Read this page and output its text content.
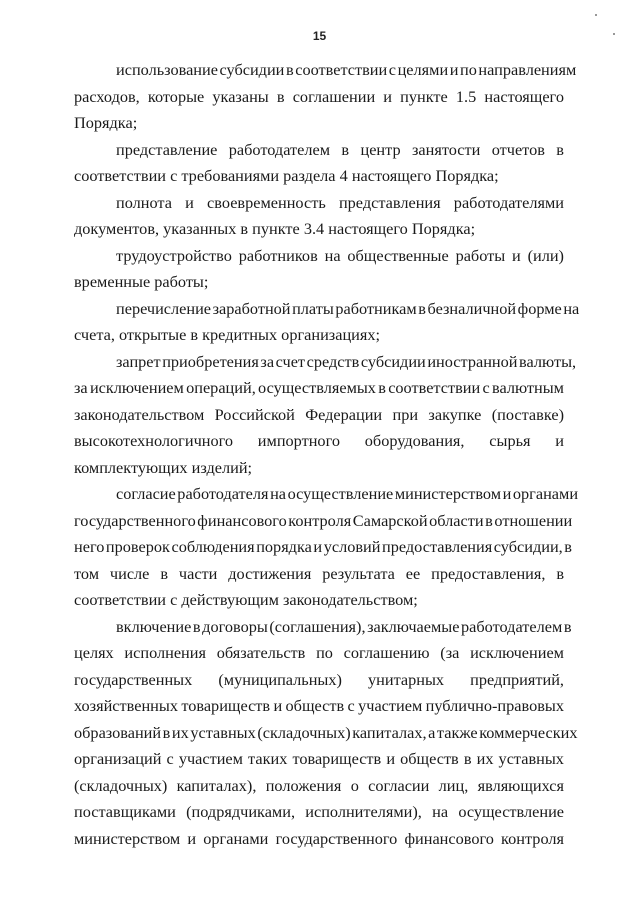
15
использование субсидии в соответствии с целями и по направлениям
расходов, которые указаны в соглашении и пункте 1.5 настоящего
Порядка;
представление работодателем в центр занятости отчетов в
соответствии с требованиями раздела 4 настоящего Порядка;
полнота и своевременность представления работодателями
документов, указанных в пункте 3.4 настоящего Порядка;
трудоустройство работников на общественные работы и (или)
временные работы;
перечисление заработной платы работникам в безналичной форме на
счета, открытые в кредитных организациях;
запрет приобретения за счет средств субсидии иностранной валюты,
за исключением операций, осуществляемых в соответствии с валютным
законодательством Российской Федерации при закупке (поставке)
высокотехнологичного импортного оборудования, сырья и
комплектующих изделий;
согласие работодателя на осуществление министерством и органами
государственного финансового контроля Самарской области в отношении
него проверок соблюдения порядка и условий предоставления субсидии, в
том числе в части достижения результата ее предоставления, в
соответствии с действующим законодательством;
включение в договоры (соглашения), заключаемые работодателем в
целях исполнения обязательств по соглашению (за исключением
государственных (муниципальных) унитарных предприятий,
хозяйственных товариществ и обществ с участием публично-правовых
образований в их уставных (складочных) капиталах, а также коммерческих
организаций с участием таких товариществ и обществ в их уставных
(складочных) капиталах), положения о согласии лиц, являющихся
поставщиками (подрядчиками, исполнителями), на осуществление
министерством и органами государственного финансового контроля
